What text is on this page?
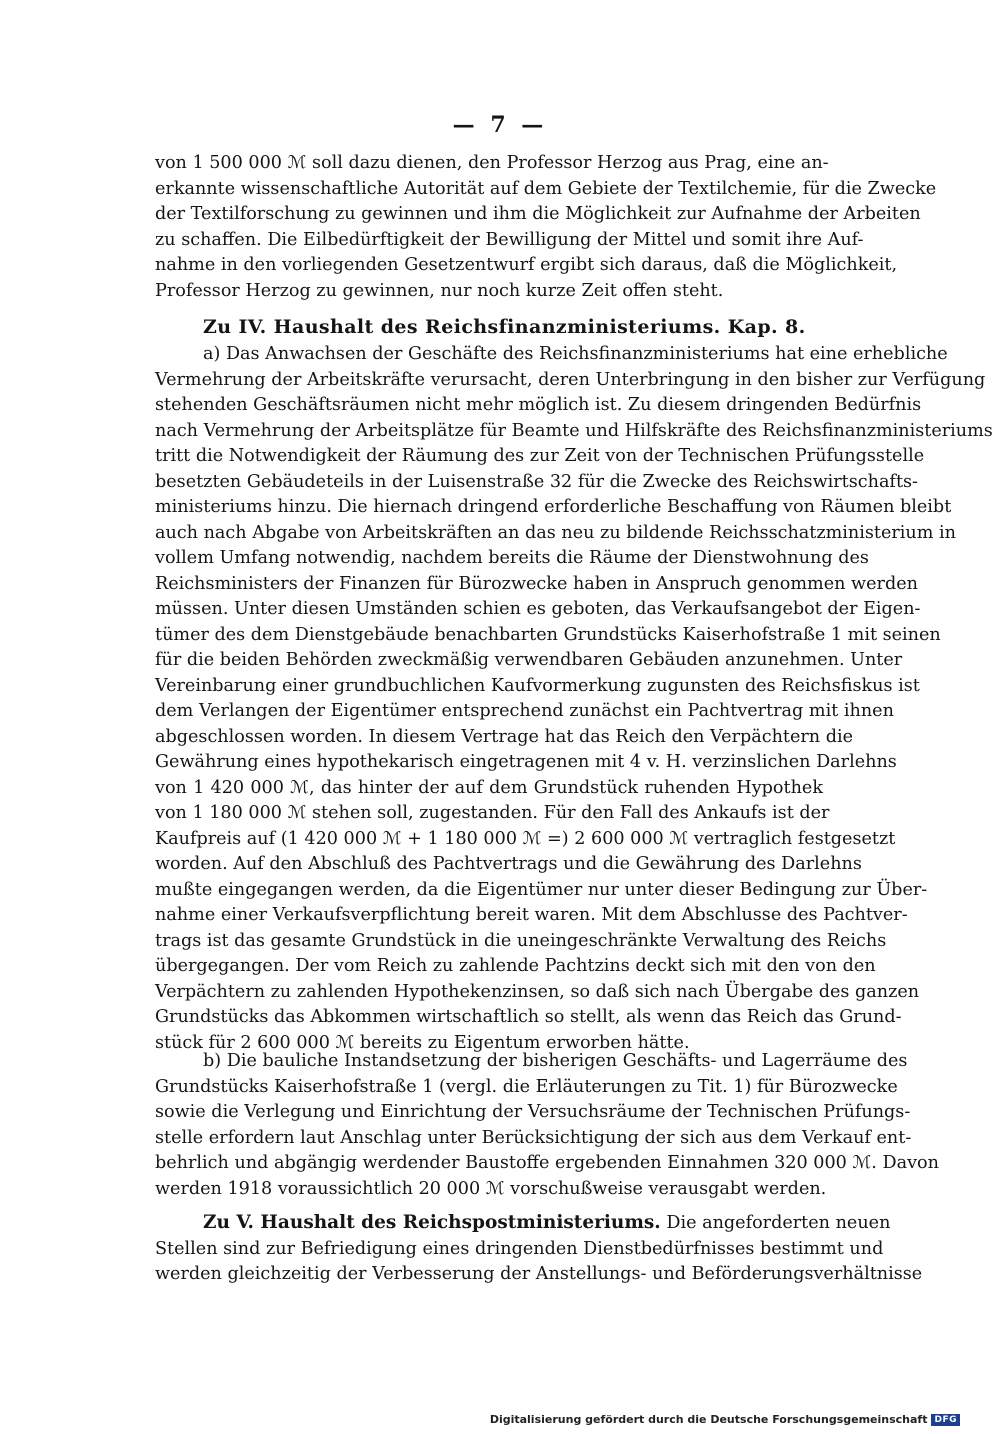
— 7 —
von 1 500 000 ℳ soll dazu dienen, den Professor Herzog aus Prag, eine an-
erkannte wissenschaftliche Autorität auf dem Gebiete der Textilchemie, für die Zwecke
der Textilforschung zu gewinnen und ihm die Möglichkeit zur Aufnahme der Arbeiten
zu schaffen. Die Eilbedürftigkeit der Bewilligung der Mittel und somit ihre Auf-
nahme in den vorliegenden Gesetzentwurf ergibt sich daraus, daß die Möglichkeit,
Professor Herzog zu gewinnen, nur noch kurze Zeit offen steht.
Zu IV. Haushalt des Reichsfinanzministeriums. Kap. 8.
a) Das Anwachsen der Geschäfte des Reichsfinanzministeriums hat eine erhebliche
Vermehrung der Arbeitskräfte verursacht, deren Unterbringung in den bisher zur Verfügung
stehenden Geschäftsräumen nicht mehr möglich ist. Zu diesem dringenden Bedürfnis
nach Vermehrung der Arbeitsplätze für Beamte und Hilfskräfte des Reichsfinanzministeriums
tritt die Notwendigkeit der Räumung des zur Zeit von der Technischen Prüfungsstelle
besetzten Gebäudeteils in der Luisenstraße 32 für die Zwecke des Reichswirtschafts-
ministeriums hinzu. Die hiernach dringend erforderliche Beschaffung von Räumen bleibt
auch nach Abgabe von Arbeitskräften an das neu zu bildende Reichsschatzministerium in
vollem Umfang notwendig, nachdem bereits die Räume der Dienstwohnung des
Reichsministers der Finanzen für Bürozwecke haben in Anspruch genommen werden
müssen. Unter diesen Umständen schien es geboten, das Verkaufsangebot der Eigen-
tümer des dem Dienstgebäude benachbarten Grundstücks Kaiserhofstraße 1 mit seinen
für die beiden Behörden zweckmäßig verwendbaren Gebäuden anzunehmen. Unter
Vereinbarung einer grundbuchlichen Kaufvormerkung zugunsten des Reichsfiskus ist
dem Verlangen der Eigentümer entsprechend zunächst ein Pachtvertrag mit ihnen
abgeschlossen worden. In diesem Vertrage hat das Reich den Verpächtern die
Gewährung eines hypothekarisch eingetragenen mit 4 v. H. verzinslichen Darlehns
von 1 420 000 ℳ, das hinter der auf dem Grundstück ruhenden Hypothek
von 1 180 000 ℳ stehen soll, zugestanden. Für den Fall des Ankaufs ist der
Kaufpreis auf (1 420 000 ℳ + 1 180 000 ℳ =) 2 600 000 ℳ vertraglich festgesetzt
worden. Auf den Abschluß des Pachtvertrags und die Gewährung des Darlehns
mußte eingegangen werden, da die Eigentümer nur unter dieser Bedingung zur Über-
nahme einer Verkaufsverpflichtung bereit waren. Mit dem Abschlusse des Pachtver-
trags ist das gesamte Grundstück in die uneingeschränkte Verwaltung des Reichs
übergegangen. Der vom Reich zu zahlende Pachtzins deckt sich mit den von den
Verpächtern zu zahlenden Hypothekenzinsen, so daß sich nach Übergabe des ganzen
Grundstücks das Abkommen wirtschaftlich so stellt, als wenn das Reich das Grund-
stück für 2 600 000 ℳ bereits zu Eigentum erworben hätte.
b) Die bauliche Instandsetzung der bisherigen Geschäfts- und Lagerräume des
Grundstücks Kaiserhofstraße 1 (vergl. die Erläuterungen zu Tit. 1) für Bürozwecke
sowie die Verlegung und Einrichtung der Versuchsräume der Technischen Prüfungs-
stelle erfordern laut Anschlag unter Berücksichtigung der sich aus dem Verkauf ent-
behrlich und abgängig werdender Baustoffe ergebenden Einnahmen 320 000 ℳ. Davon
werden 1918 voraussichtlich 20 000 ℳ vorschußweise verausgabt werden.
Zu V. Haushalt des Reichspostministeriums. Die angeforderten neuen
Stellen sind zur Befriedigung eines dringenden Dienstbedürfnisses bestimmt und
werden gleichzeitig der Verbesserung der Anstellungs- und Beförderungsverhältnisse
Digitalisierung gefördert durch die Deutsche Forschungsgemeinschaft DFG
